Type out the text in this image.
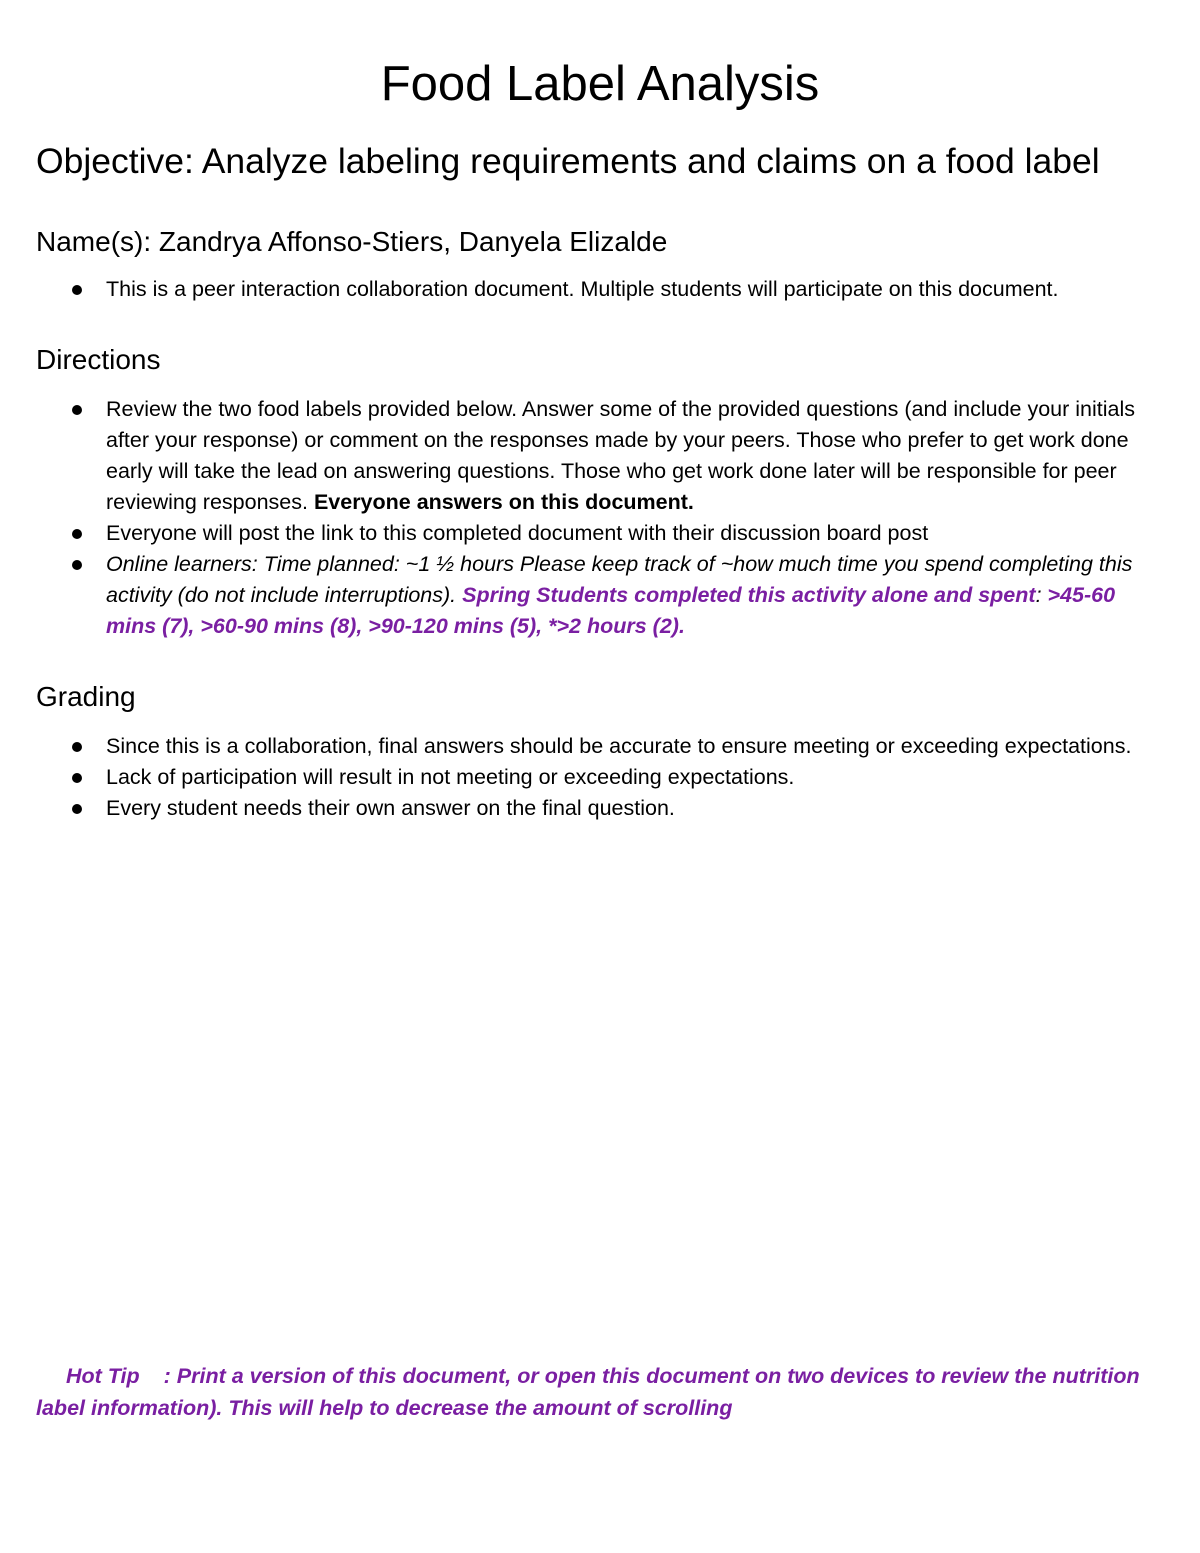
Food Label Analysis
Objective: Analyze labeling requirements and claims on a food label
Name(s): Zandrya Affonso-Stiers, Danyela Elizalde
This is a peer interaction collaboration document. Multiple students will participate on this document.
Directions
Review the two food labels provided below. Answer some of the provided questions (and include your initials after your response) or comment on the responses made by your peers. Those who prefer to get work done early will take the lead on answering questions. Those who get work done later will be responsible for peer reviewing responses. Everyone answers on this document.
Everyone will post the link to this completed document with their discussion board post
Online learners: Time planned: ~1 ½ hours Please keep track of ~how much time you spend completing this activity (do not include interruptions). Spring Students completed this activity alone and spent: >45-60 mins (7), >60-90 mins (8), >90-120 mins (5), *>2 hours (2).
Grading
Since this is a collaboration, final answers should be accurate to ensure meeting or exceeding expectations.
Lack of participation will result in not meeting or exceeding expectations.
Every student needs their own answer on the final question.

Hot Tip : Print a version of this document, or open this document on two devices to review the nutrition label information). This will help to decrease the amount of scrolling
